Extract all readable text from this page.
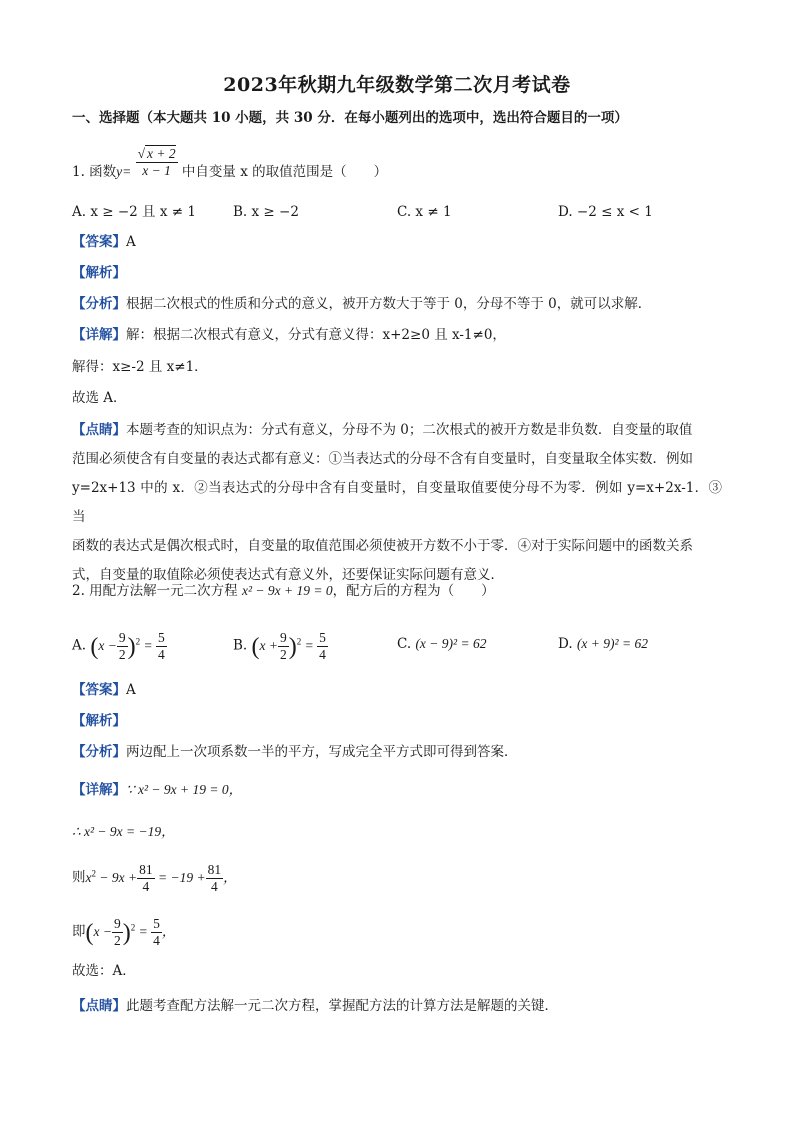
2023年秋期九年级数学第二次月考试卷
一、选择题（本大题共 10 小题，共 30 分．在每小题列出的选项中，选出符合题目的一项）
1. 函数$y= \frac{√ x + 2}{x - 1}$ 中自变量 x 的取值范围是（　　）
A. x ≥ −2 且 x ≠ 1	B. x ≥ −2	C. x ≠ 1	D. −2 ≤ x < 1
【答案】A
【解析】
【分析】根据二次根式的性质和分式的意义，被开方数大于等于 0，分母不等于 0，就可以求解．
【详解】解：根据二次根式有意义，分式有意义得：x+2≥0 且 x-1≠0，
解得：x≥-2 且 x≠1．
故选 A．
【点睛】本题考查的知识点为：分式有意义，分母不为 0；二次根式的被开方数是非负数．自变量的取值
范围必须使含有自变量的表达式都有意义：①当表达式的分母不含有自变量时，自变量取全体实数．例如
y=2x+13 中的 x．②当表达式的分母中含有自变量时，自变量取值要使分母不为零．例如 y=x+2x-1．③当
函数的表达式是偶次根式时，自变量的取值范围必须使被开方数不小于零．④对于实际问题中的函数关系
式，自变量的取值除必须使表达式有意义外，还要保证实际问题有意义．
2. 用配方法解一元二次方程 x² − 9x + 19 = 0，配方后的方程为（　　）
A. $(x - \frac{9}{2} )^2 = \frac{5}{4}$	B. $(x + \frac{9}{2} )^2 = \frac{5}{4}$	C. (x − 9)² = 62	D. (x + 9)² = 62
【答案】A
【解析】
【分析】两边配上一次项系数一半的平方，写成完全平方式即可得到答案．
【详解】∵ x² − 9x + 19 = 0，
∴ x² − 9x = −19，
则$x^2 - 9x + \frac{81}{4} = -19 + \frac{81}{4}$ ，
即$(x - \frac{9}{2} )^2 = \frac{5}{4}$ ，
故选：A．
【点睛】此题考查配方法解一元二次方程，掌握配方法的计算方法是解题的关键．
